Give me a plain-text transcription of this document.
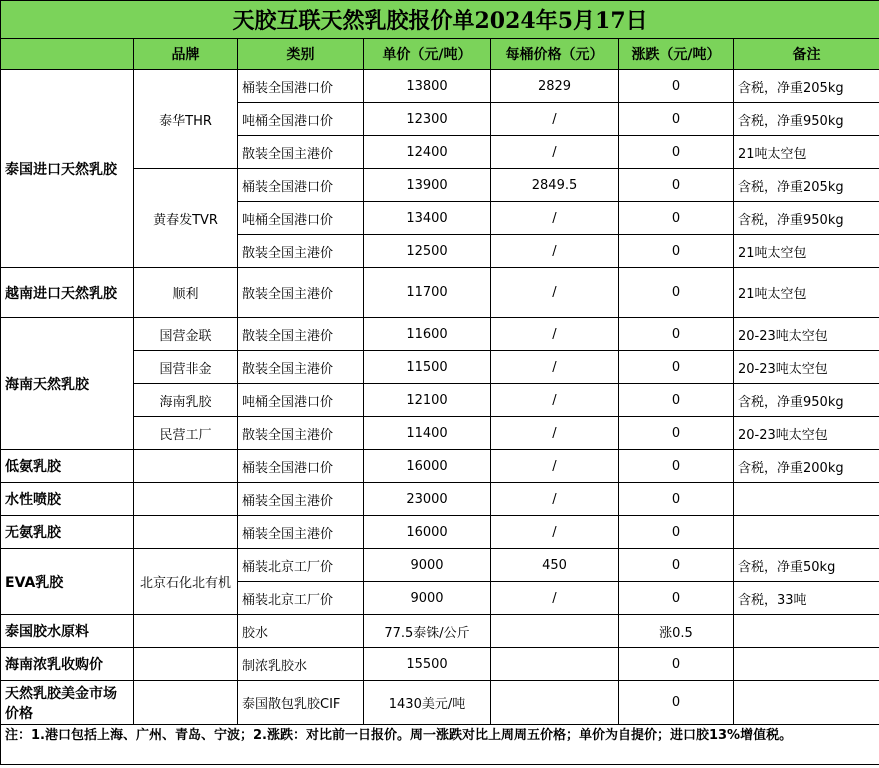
天胶互联天然乳胶报价单2024年5月17日						
	品牌	类别	单价（元/吨）	每桶价格（元）	涨跌（元/吨）	备注
泰国进口天然乳胶	泰华THR	桶装全国港口价	13800	2829	0	含税，净重205kg
		吨桶全国港口价	12300	/	0	含税，净重950kg
		散装全国主港价	12400	/	0	21吨太空包
	黄春发TVR	桶装全国港口价	13900	2849.5	0	含税，净重205kg
		吨桶全国港口价	13400	/	0	含税，净重950kg
		散装全国主港价	12500	/	0	21吨太空包
越南进口天然乳胶	顺利	散装全国主港价	11700	/	0	21吨太空包
海南天然乳胶	国营金联	散装全国主港价	11600	/	0	20-23吨太空包
	国营非金	散装全国主港价	11500	/	0	20-23吨太空包
	海南乳胶	吨桶全国港口价	12100	/	0	含税，净重950kg
	民营工厂	散装全国主港价	11400	/	0	20-23吨太空包
低氨乳胶		桶装全国港口价	16000	/	0	含税，净重200kg
水性喷胶		桶装全国主港价	23000	/	0	
无氨乳胶		桶装全国主港价	16000	/	0	
EVA乳胶	北京石化北有机	桶装北京工厂价	9000	450	0	含税，净重50kg
		桶装北京工厂价	9000	/	0	含税，33吨
泰国胶水原料		胶水	77.5泰铢/公斤		涨0.5	
海南浓乳收购价		制浓乳胶水	15500		0	
天然乳胶美金市场价格		泰国散包乳胶CIF	1430美元/吨		0	
注：1.港口包括上海、广州、青岛、宁波；2.涨跌：对比前一日报价。周一涨跌对比上周周五价格；单价为自提价；进口胶13%增值税。						
